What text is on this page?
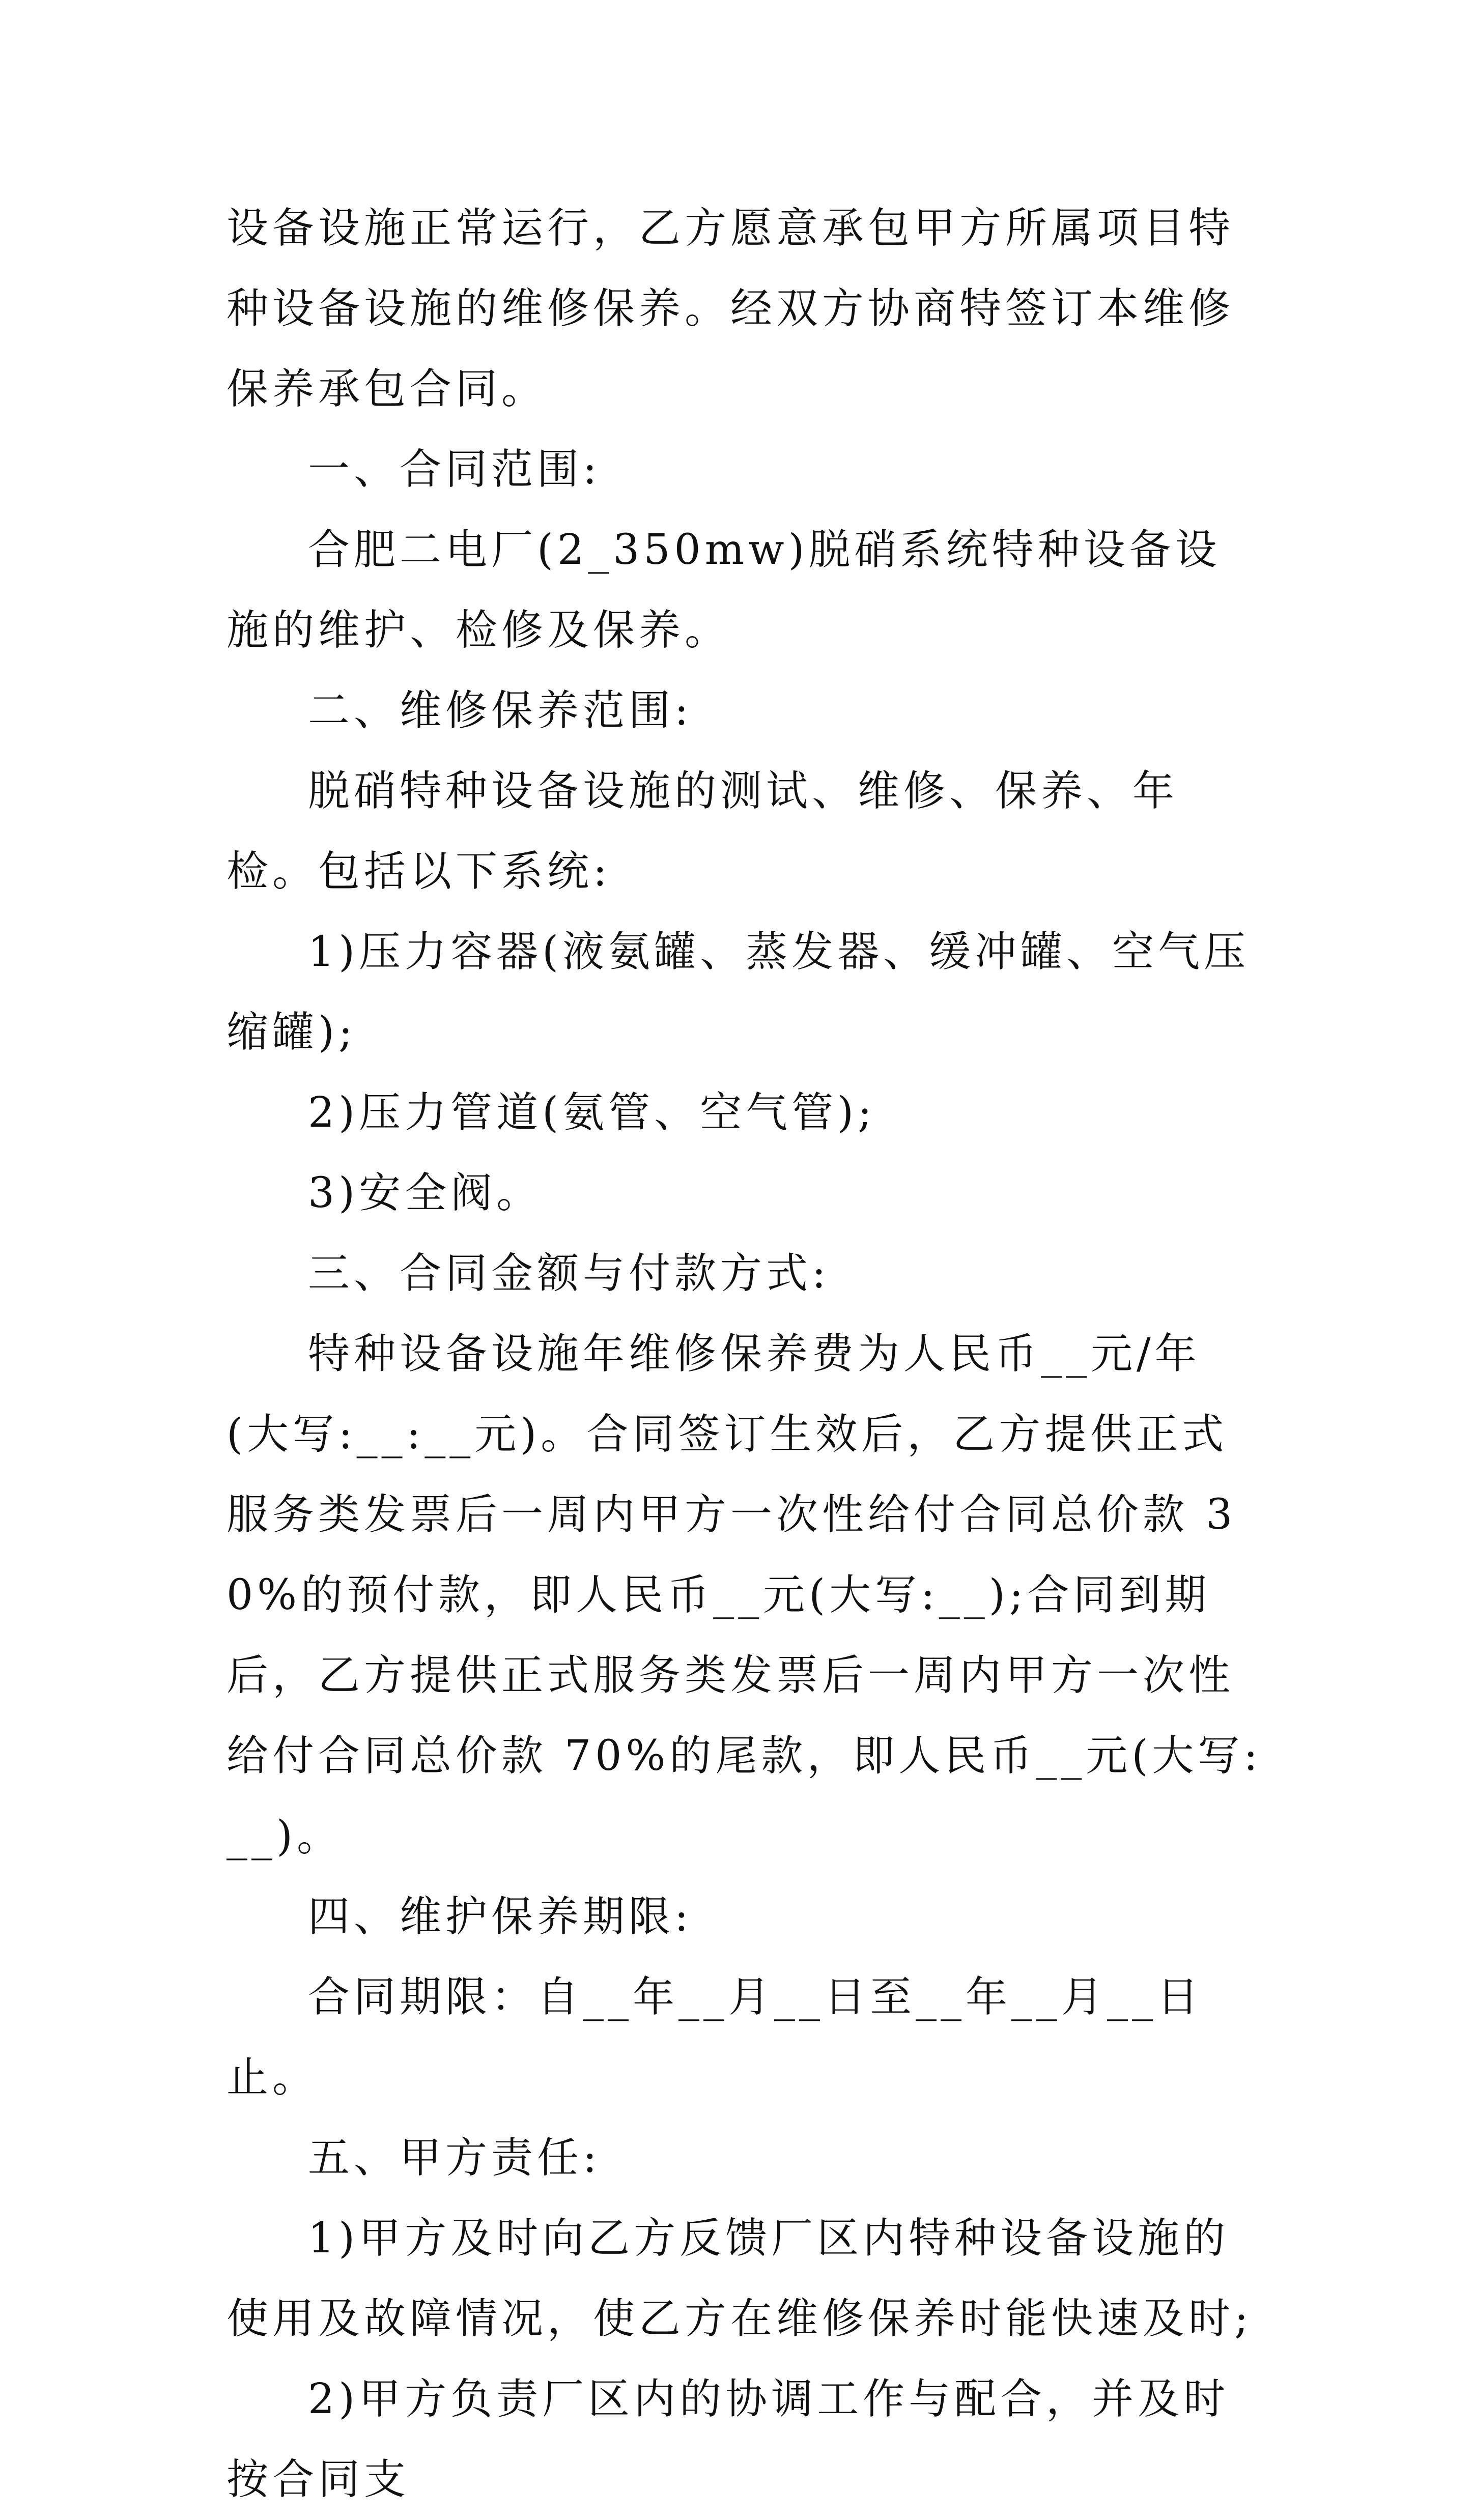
设备设施正常运行，乙方愿意承包甲方所属项目特种设备设施的维修保养。经双方协商特签订本维修保养承包合同。

一、合同范围:

合肥二电厂(2_350mw)脱硝系统特种设备设施的维护、检修及保养。

二、维修保养范围:

脱硝特种设备设施的测试、维修、保养、年检。包括以下系统:

1)压力容器(液氨罐、蒸发器、缓冲罐、空气压缩罐);

2)压力管道(氨管、空气管);

3)安全阀。

三、合同金额与付款方式:

特种设备设施年维修保养费为人民币__元/年(大写:__:__元)。合同签订生效后，乙方提供正式服务类发票后一周内甲方一次性给付合同总价款 30%的预付款，即人民币__元(大写:__);合同到期后，乙方提供正式服务类发票后一周内甲方一次性给付合同总价款 70%的尾款，即人民币__元(大写:__)。

四、维护保养期限:

合同期限：自__年__月__日至__年__月__日止。

五、甲方责任:

1)甲方及时向乙方反馈厂区内特种设备设施的使用及故障情况，使乙方在维修保养时能快速及时;

2)甲方负责厂区内的协调工作与配合，并及时按合同支
